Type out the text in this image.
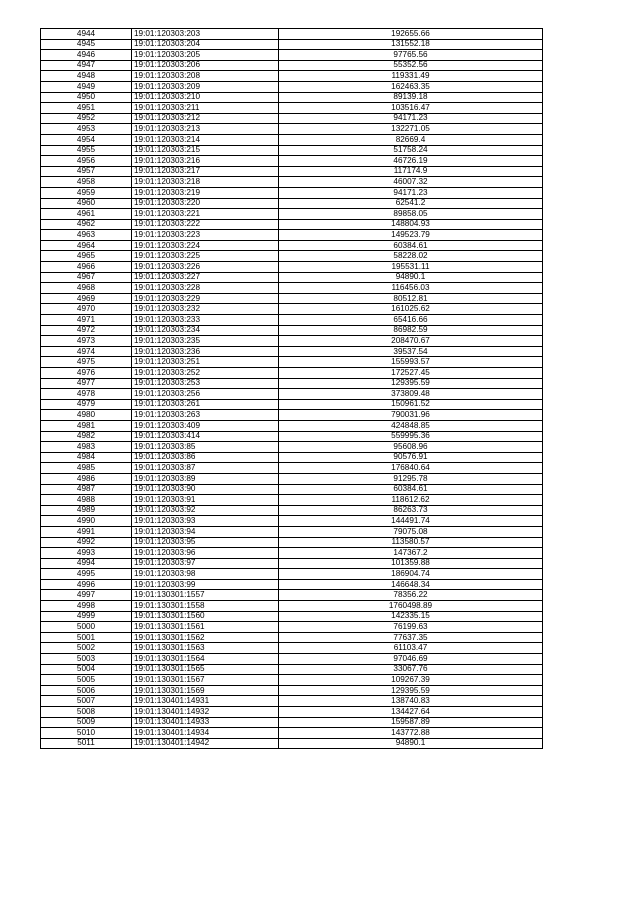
4944	19:01:120303:203	192655.66
4945	19:01:120303:204	131552.18
4946	19:01:120303:205	97765.56
4947	19:01:120303:206	55352.56
4948	19:01:120303:208	119331.49
4949	19:01:120303:209	162463.35
4950	19:01:120303:210	89139.18
4951	19:01:120303:211	103516.47
4952	19:01:120303:212	94171.23
4953	19:01:120303:213	132271.05
4954	19:01:120303:214	82669.4
4955	19:01:120303:215	51758.24
4956	19:01:120303:216	46726.19
4957	19:01:120303:217	117174.9
4958	19:01:120303:218	46007.32
4959	19:01:120303:219	94171.23
4960	19:01:120303:220	62541.2
4961	19:01:120303:221	89858.05
4962	19:01:120303:222	148804.93
4963	19:01:120303:223	149523.79
4964	19:01:120303:224	60384.61
4965	19:01:120303:225	58228.02
4966	19:01:120303:226	195531.11
4967	19:01:120303:227	94890.1
4968	19:01:120303:228	116456.03
4969	19:01:120303:229	80512.81
4970	19:01:120303:232	161025.62
4971	19:01:120303:233	65416.66
4972	19:01:120303:234	86982.59
4973	19:01:120303:235	208470.67
4974	19:01:120303:236	39537.54
4975	19:01:120303:251	155993.57
4976	19:01:120303:252	172527.45
4977	19:01:120303:253	129395.59
4978	19:01:120303:256	373809.48
4979	19:01:120303:261	150961.52
4980	19:01:120303:263	790031.96
4981	19:01:120303:409	424848.85
4982	19:01:120303:414	559995.36
4983	19:01:120303:85	95608.96
4984	19:01:120303:86	90576.91
4985	19:01:120303:87	176840.64
4986	19:01:120303:89	91295.78
4987	19:01:120303:90	60384.61
4988	19:01:120303:91	118612.62
4989	19:01:120303:92	86263.73
4990	19:01:120303:93	144491.74
4991	19:01:120303:94	79075.08
4992	19:01:120303:95	113580.57
4993	19:01:120303:96	147367.2
4994	19:01:120303:97	101359.88
4995	19:01:120303:98	186904.74
4996	19:01:120303:99	146648.34
4997	19:01:130301:1557	78356.22
4998	19:01:130301:1558	1760498.89
4999	19:01:130301:1560	142335.15
5000	19:01:130301:1561	76199.63
5001	19:01:130301:1562	77637.35
5002	19:01:130301:1563	61103.47
5003	19:01:130301:1564	97046.69
5004	19:01:130301:1565	33067.76
5005	19:01:130301:1567	109267.39
5006	19:01:130301:1569	129395.59
5007	19:01:130401:14931	138740.83
5008	19:01:130401:14932	134427.64
5009	19:01:130401:14933	159587.89
5010	19:01:130401:14934	143772.88
5011	19:01:130401:14942	94890.1
